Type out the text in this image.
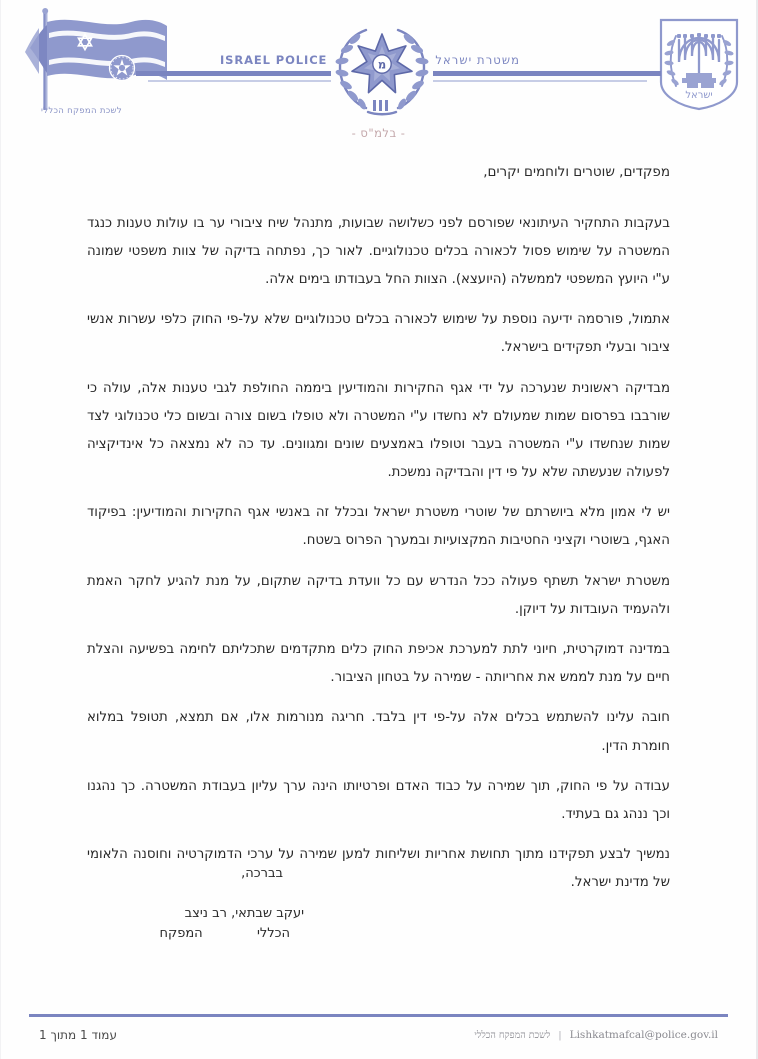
לשכת המפקח הכללי
מ
ישראל
ISRAEL POLICE	משטרת ישראל
- בלמ"ס -
מפקדים, שוטרים ולוחמים יקרים,

בעקבות התחקיר העיתונאי שפורסם לפני כשלושה שבועות, מתנהל שיח ציבורי ער בו עולות טענות כנגד המשטרה על שימוש פסול לכאורה בכלים טכנולוגיים. לאור כך, נפתחה בדיקה של צוות משפטי שמונה ע"י היועץ המשפטי לממשלה (היועצא). הצוות החל בעבודתו בימים אלה.

אתמול, פורסמה ידיעה נוספת על שימוש לכאורה בכלים טכנולוגיים שלא על-פי החוק כלפי עשרות אנשי ציבור ובעלי תפקידים בישראל.

מבדיקה ראשונית שנערכה על ידי אגף החקירות והמודיעין ביממה החולפת לגבי טענות אלה, עולה כי שורבבו בפרסום שמות שמעולם לא נחשדו ע"י המשטרה ולא טופלו בשום צורה ובשום כלי טכנולוגי לצד שמות שנחשדו ע"י המשטרה בעבר וטופלו באמצעים שונים ומגוונים. עד כה לא נמצאה כל אינדיקציה לפעולה שנעשתה שלא על פי דין והבדיקה נמשכת.

יש לי אמון מלא ביושרתם של שוטרי משטרת ישראל ובכלל זה באנשי אגף החקירות והמודיעין: בפיקוד האגף, בשוטרי וקציני החטיבות המקצועיות ובמערך הפרוס בשטח.

משטרת ישראל תשתף פעולה ככל הנדרש עם כל וועדת בדיקה שתקום, על מנת להגיע לחקר האמת ולהעמיד העובדות על דיוקן.

במדינה דמוקרטית, חיוני לתת למערכת אכיפת החוק כלים מתקדמים שתכליתם לחימה בפשיעה והצלת חיים על מנת לממש את אחריותה - שמירה על בטחון הציבור.

חובה עלינו להשתמש בכלים אלה על-פי דין בלבד. חריגה מנורמות אלו, אם תמצא, תטופל במלוא חומרת הדין.

עבודה על פי החוק, תוך שמירה על כבוד האדם ופרטיותו הינה ערך עליון בעבודת המשטרה. כך נהגנו וכך ננהג גם בעתיד.

נמשיך לבצע תפקידנו מתוך תחושת אחריות ושליחות למען שמירה על ערכי הדמוקרטיה וחוסנה הלאומי של מדינת ישראל.

בברכה,
יעקב שבתאי, רב ניצב
הכללי  המפקח
Lishkatmafcal@police.gov.il | לשכת המפקח הכללי
עמוד 1 מתוך 1
